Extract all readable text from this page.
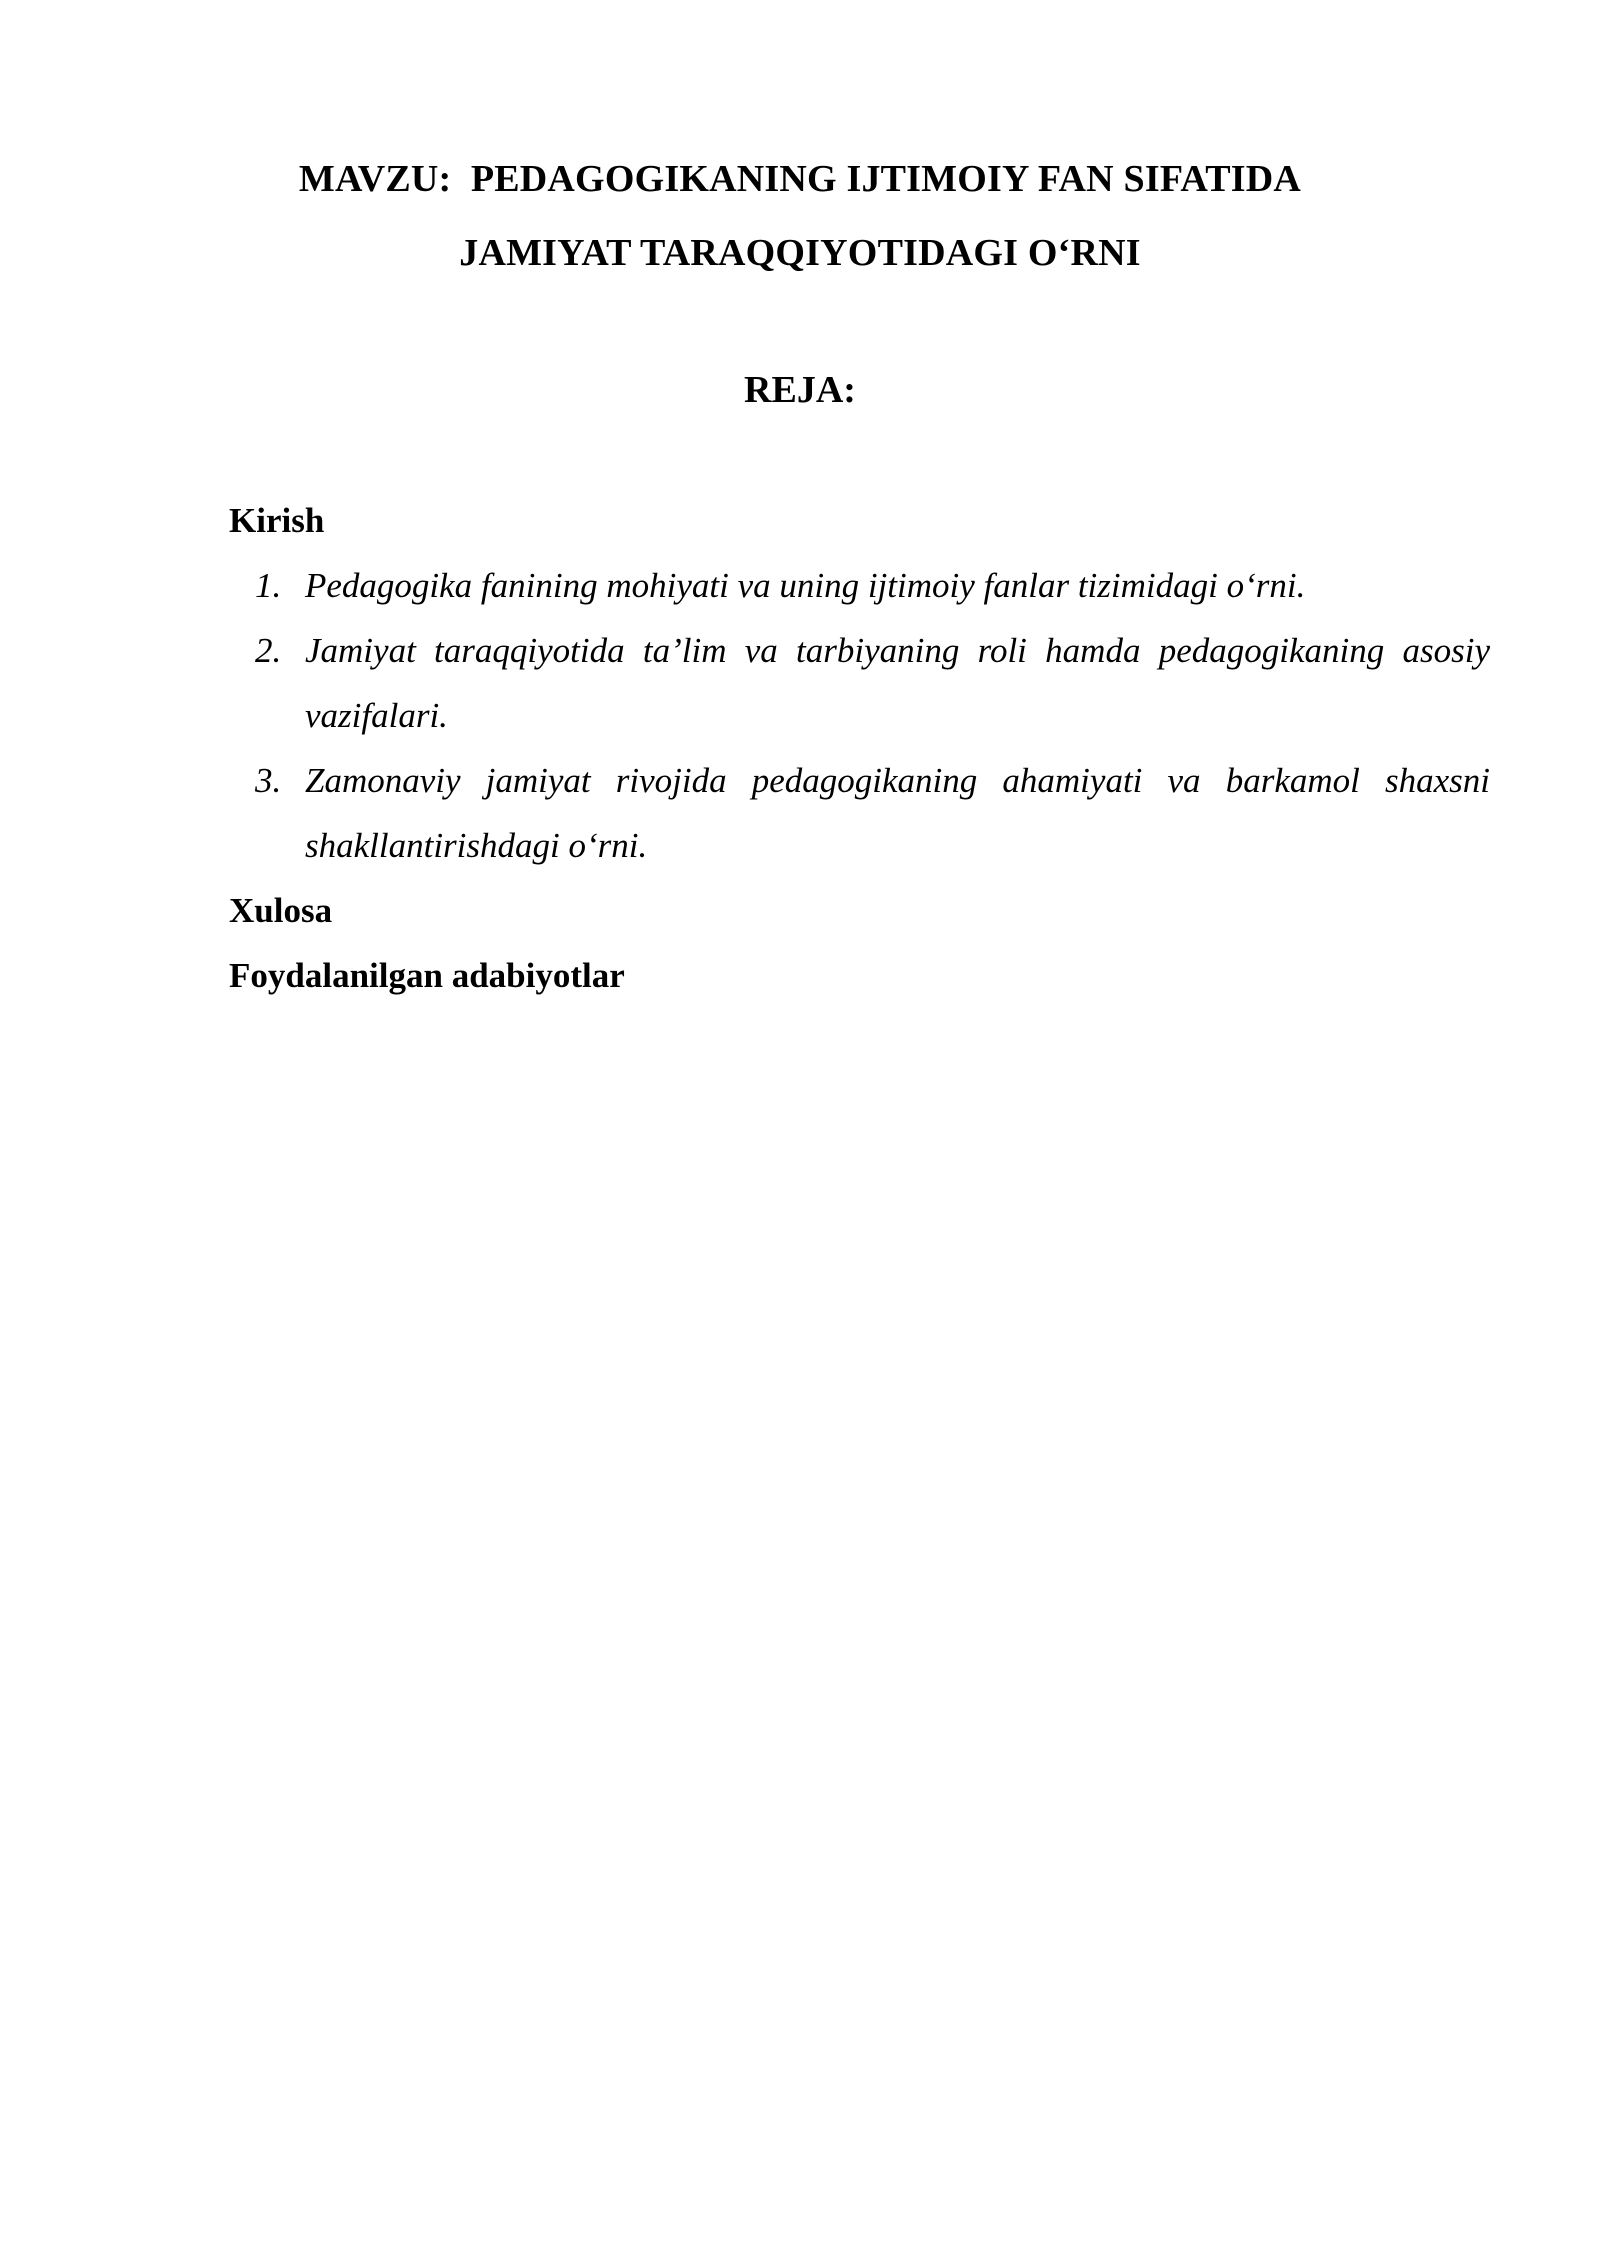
MAVZU:  PEDAGOGIKANING IJTIMOIY FAN SIFATIDA
JAMIYAT TARAQQIYOTIDAGI O‘RNI
REJA:

Kirish

1. Pedagogika fanining mohiyati va uning ijtimoiy fanlar tizimidagi o‘rni.
2. Jamiyat taraqqiyotida ta’lim va tarbiyaning roli hamda pedagogikaning asosiy vazifalari.
3. Zamonaviy jamiyat rivojida pedagogikaning ahamiyati va barkamol shaxsni shakllantirishdagi o‘rni.

Xulosa

Foydalanilgan adabiyotlar
